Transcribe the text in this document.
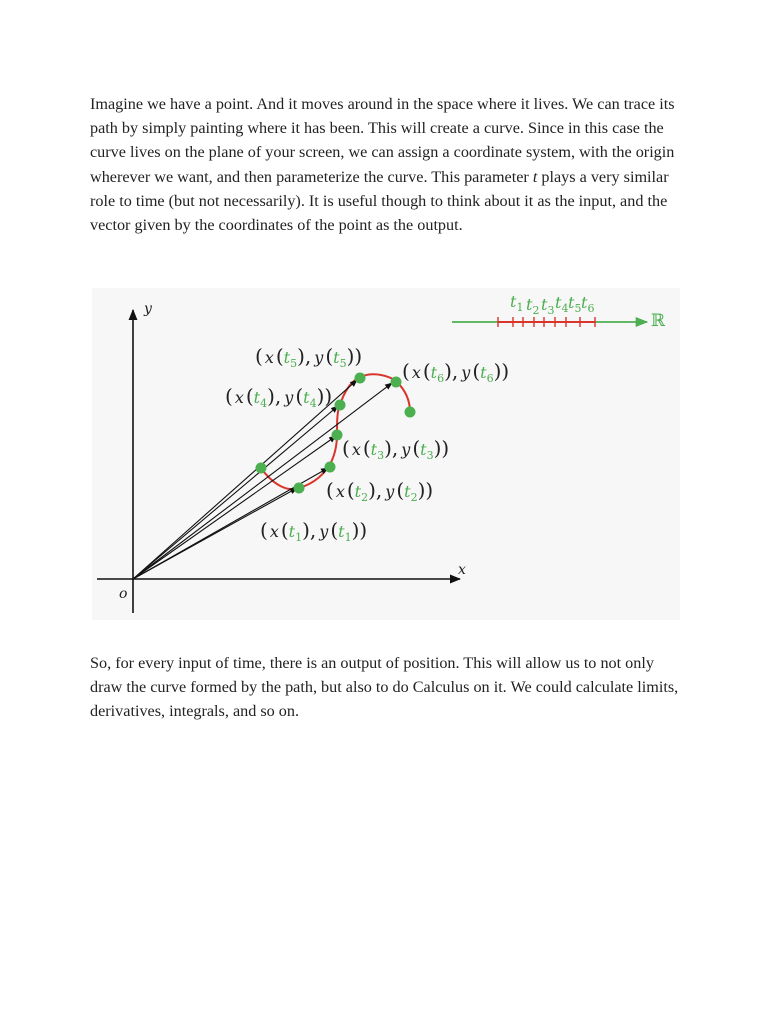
Imagine we have a point. And it moves around in the space where it lives. We can trace its path by simply painting where it has been. This will create a curve. Since in this case the curve lives on the plane of your screen, we can assign a coordinate system, with the origin wherever we want, and then parameterize the curve. This parameter t plays a very similar role to time (but not necessarily). It is useful though to think about it as the input, and the vector given by the coordinates of the point as the output.

y
x
o
ℝ
$t_1$ $t_2$ $t_3$ $t_4$ $t_5$ $t_6$
( x $(t_5)$, y $(t_5)$)
( x $(t_6)$, y $(t_6)$)
( x $(t_4)$, y $(t_4)$)
( x $(t_3)$, y $(t_3)$)
( x $(t_2)$, y $(t_2)$)
( x $(t_1)$, y $(t_1)$)

So, for every input of time, there is an output of position. This will allow us to not only draw the curve formed by the path, but also to do Calculus on it. We could calculate limits, derivatives, integrals, and so on.
